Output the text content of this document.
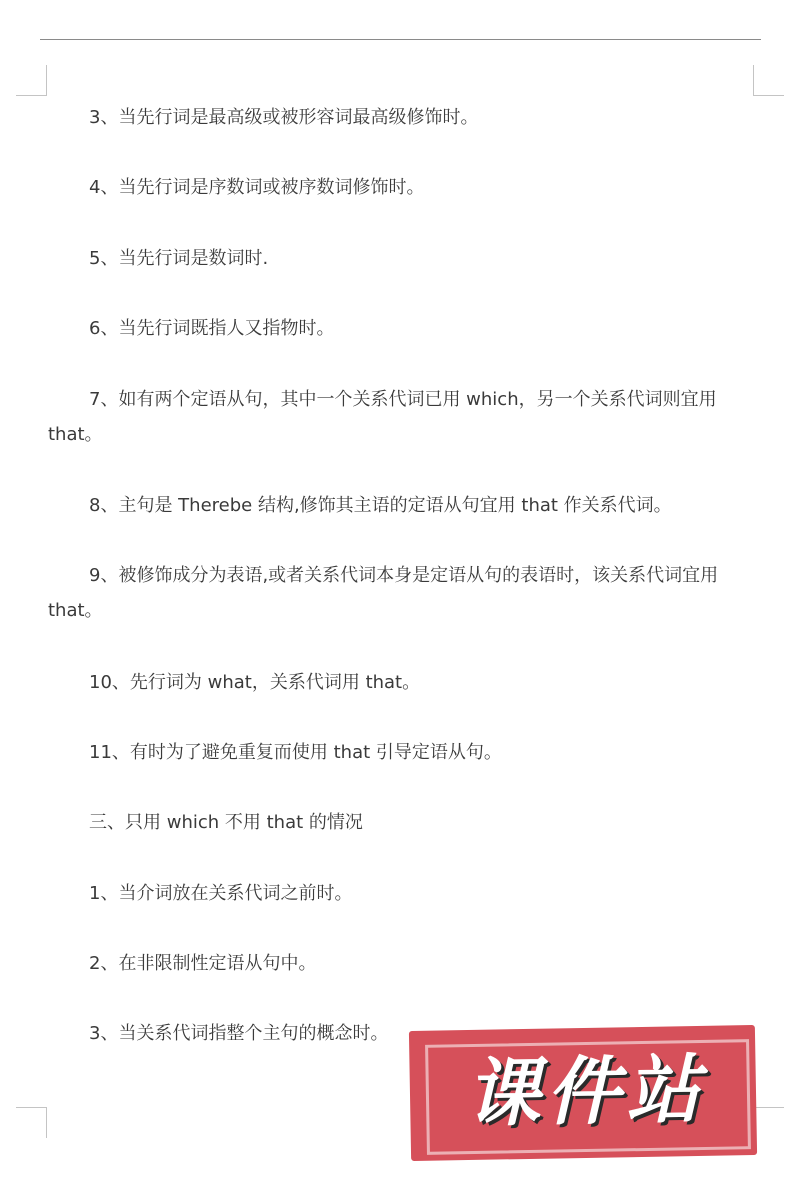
3、当先行词是最高级或被形容词最高级修饰时。

4、当先行词是序数词或被序数词修饰时。

5、当先行词是数词时.

6、当先行词既指人又指物时。

7、如有两个定语从句，其中一个关系代词已用 which，另一个关系代词则宜用 that。

8、主句是 Therebe 结构,修饰其主语的定语从句宜用 that 作关系代词。

9、被修饰成分为表语,或者关系代词本身是定语从句的表语时，该关系代词宜用 that。

10、先行词为 what，关系代词用 that。

11、有时为了避免重复而使用 that 引导定语从句。

三、只用 which 不用 that 的情况

1、当介词放在关系代词之前时。

2、在非限制性定语从句中。

3、当关系代词指整个主句的概念时。

课件站
